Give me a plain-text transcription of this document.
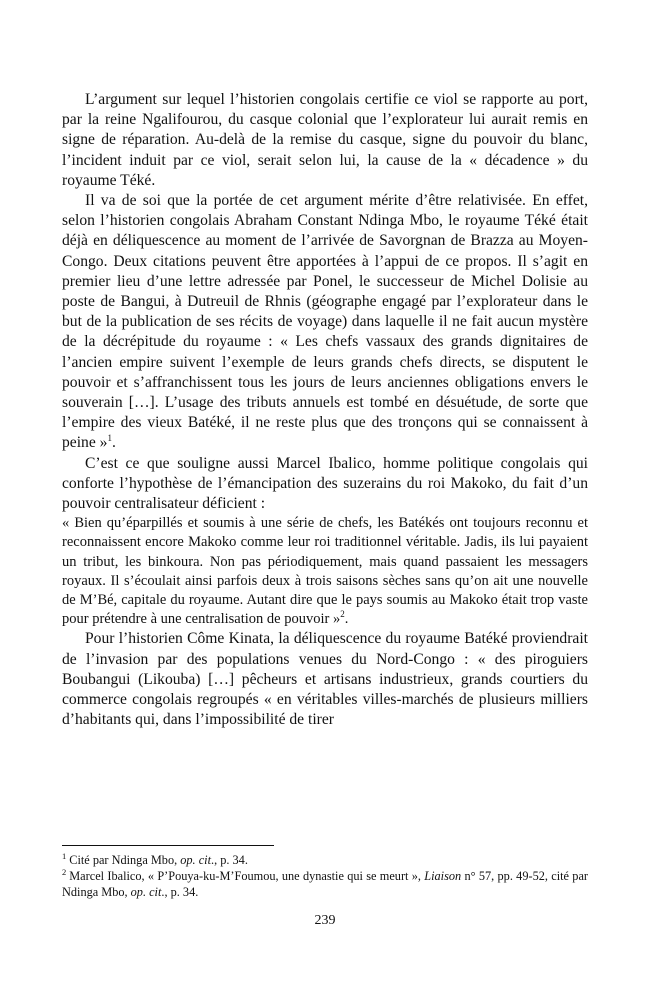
L’argument sur lequel l’historien congolais certifie ce viol se rapporte au port, par la reine Ngalifourou, du casque colonial que l’explorateur lui aurait remis en signe de réparation. Au-delà de la remise du casque, signe du pouvoir du blanc, l’incident induit par ce viol, serait selon lui, la cause de la « décadence » du royaume Téké.

Il va de soi que la portée de cet argument mérite d’être relativisée. En effet, selon l’historien congolais Abraham Constant Ndinga Mbo, le royaume Téké était déjà en déliquescence au moment de l’arrivée de Savorgnan de Brazza au Moyen-Congo. Deux citations peuvent être apportées à l’appui de ce propos. Il s’agit en premier lieu d’une lettre adressée par Ponel, le successeur de Michel Dolisie au poste de Bangui, à Dutreuil de Rhnis (géographe engagé par l’explorateur dans le but de la publication de ses récits de voyage) dans laquelle il ne fait aucun mystère de la décrépitude du royaume : « Les chefs vassaux des grands dignitaires de l’ancien empire suivent l’exemple de leurs grands chefs directs, se disputent le pouvoir et s’affranchissent tous les jours de leurs anciennes obligations envers le souverain […]. L’usage des tributs annuels est tombé en désuétude, de sorte que l’empire des vieux Batéké, il ne reste plus que des tronçons qui se connaissent à peine »$^1$.

C’est ce que souligne aussi Marcel Ibalico, homme politique congolais qui conforte l’hypothèse de l’émancipation des suzerains du roi Makoko, du fait d’un pouvoir centralisateur déficient :

« Bien qu’éparpillés et soumis à une série de chefs, les Batékés ont toujours reconnu et reconnaissent encore Makoko comme leur roi traditionnel véritable. Jadis, ils lui payaient un tribut, les binkoura. Non pas périodiquement, mais quand passaient les messagers royaux. Il s’écoulait ainsi parfois deux à trois saisons sèches sans qu’on ait une nouvelle de M’Bé, capitale du royaume. Autant dire que le pays soumis au Makoko était trop vaste pour prétendre à une centralisation de pouvoir »$^2$.

Pour l’historien Côme Kinata, la déliquescence du royaume Batéké proviendrait de l’invasion par des populations venues du Nord-Congo : « des piroguiers Boubangui (Likouba) […] pêcheurs et artisans industrieux, grands courtiers du commerce congolais regroupés « en véritables villes-marchés de plusieurs milliers d’habitants qui, dans l’impossibilité de tirer

$^1$ Cité par Ndinga Mbo, op. cit., p. 34.

$^2$ Marcel Ibalico, « P’Pouya-ku-M’Foumou, une dynastie qui se meurt », Liaison n° 57, pp. 49-52, cité par Ndinga Mbo, op. cit., p. 34.

239
